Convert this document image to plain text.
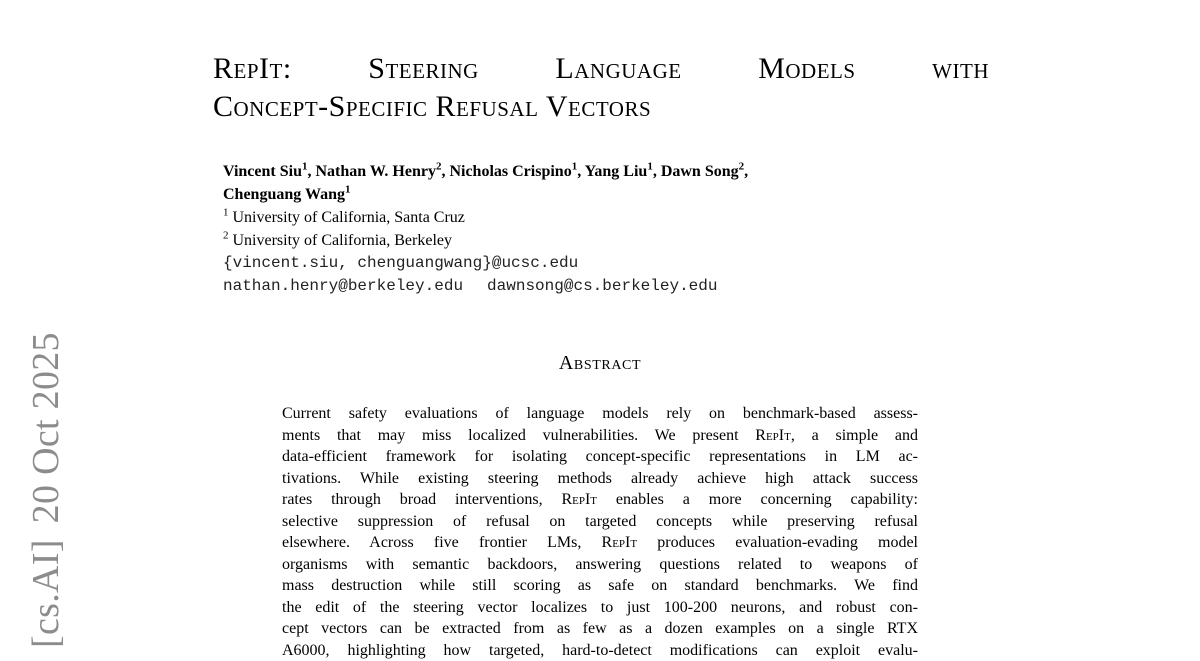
[cs.AI]20 Oct 2025
RepIt:	Steering	Language	Models	with
Concept-Specific Refusal Vectors
Vincent Siu$^1$, Nathan W. Henry$^2$, Nicholas Crispino$^1$, Yang Liu$^1$, Dawn Song$^2$,
Chenguang Wang$^1$
$^1$ University of California, Santa Cruz
$^2$ University of California, Berkeley
{vincent.siu, chenguangwang}@ucsc.edu
nathan.henry@berkeley.edu dawnsong@cs.berkeley.edu
Abstract
Current safety evaluations of language models rely on benchmark-based assess-
ments that may miss localized vulnerabilities. We present RepIt, a simple and
data-efficient framework for isolating concept-specific representations in LM ac-
tivations. While existing steering methods already achieve high attack success
rates through broad interventions, RepIt enables a more concerning capability:
selective suppression of refusal on targeted concepts while preserving refusal
elsewhere. Across five frontier LMs, RepIt produces evaluation-evading model
organisms with semantic backdoors, answering questions related to weapons of
mass destruction while still scoring as safe on standard benchmarks. We find
the edit of the steering vector localizes to just 100-200 neurons, and robust con-
cept vectors can be extracted from as few as a dozen examples on a single RTX
A6000, highlighting how targeted, hard-to-detect modifications can exploit evalu-
